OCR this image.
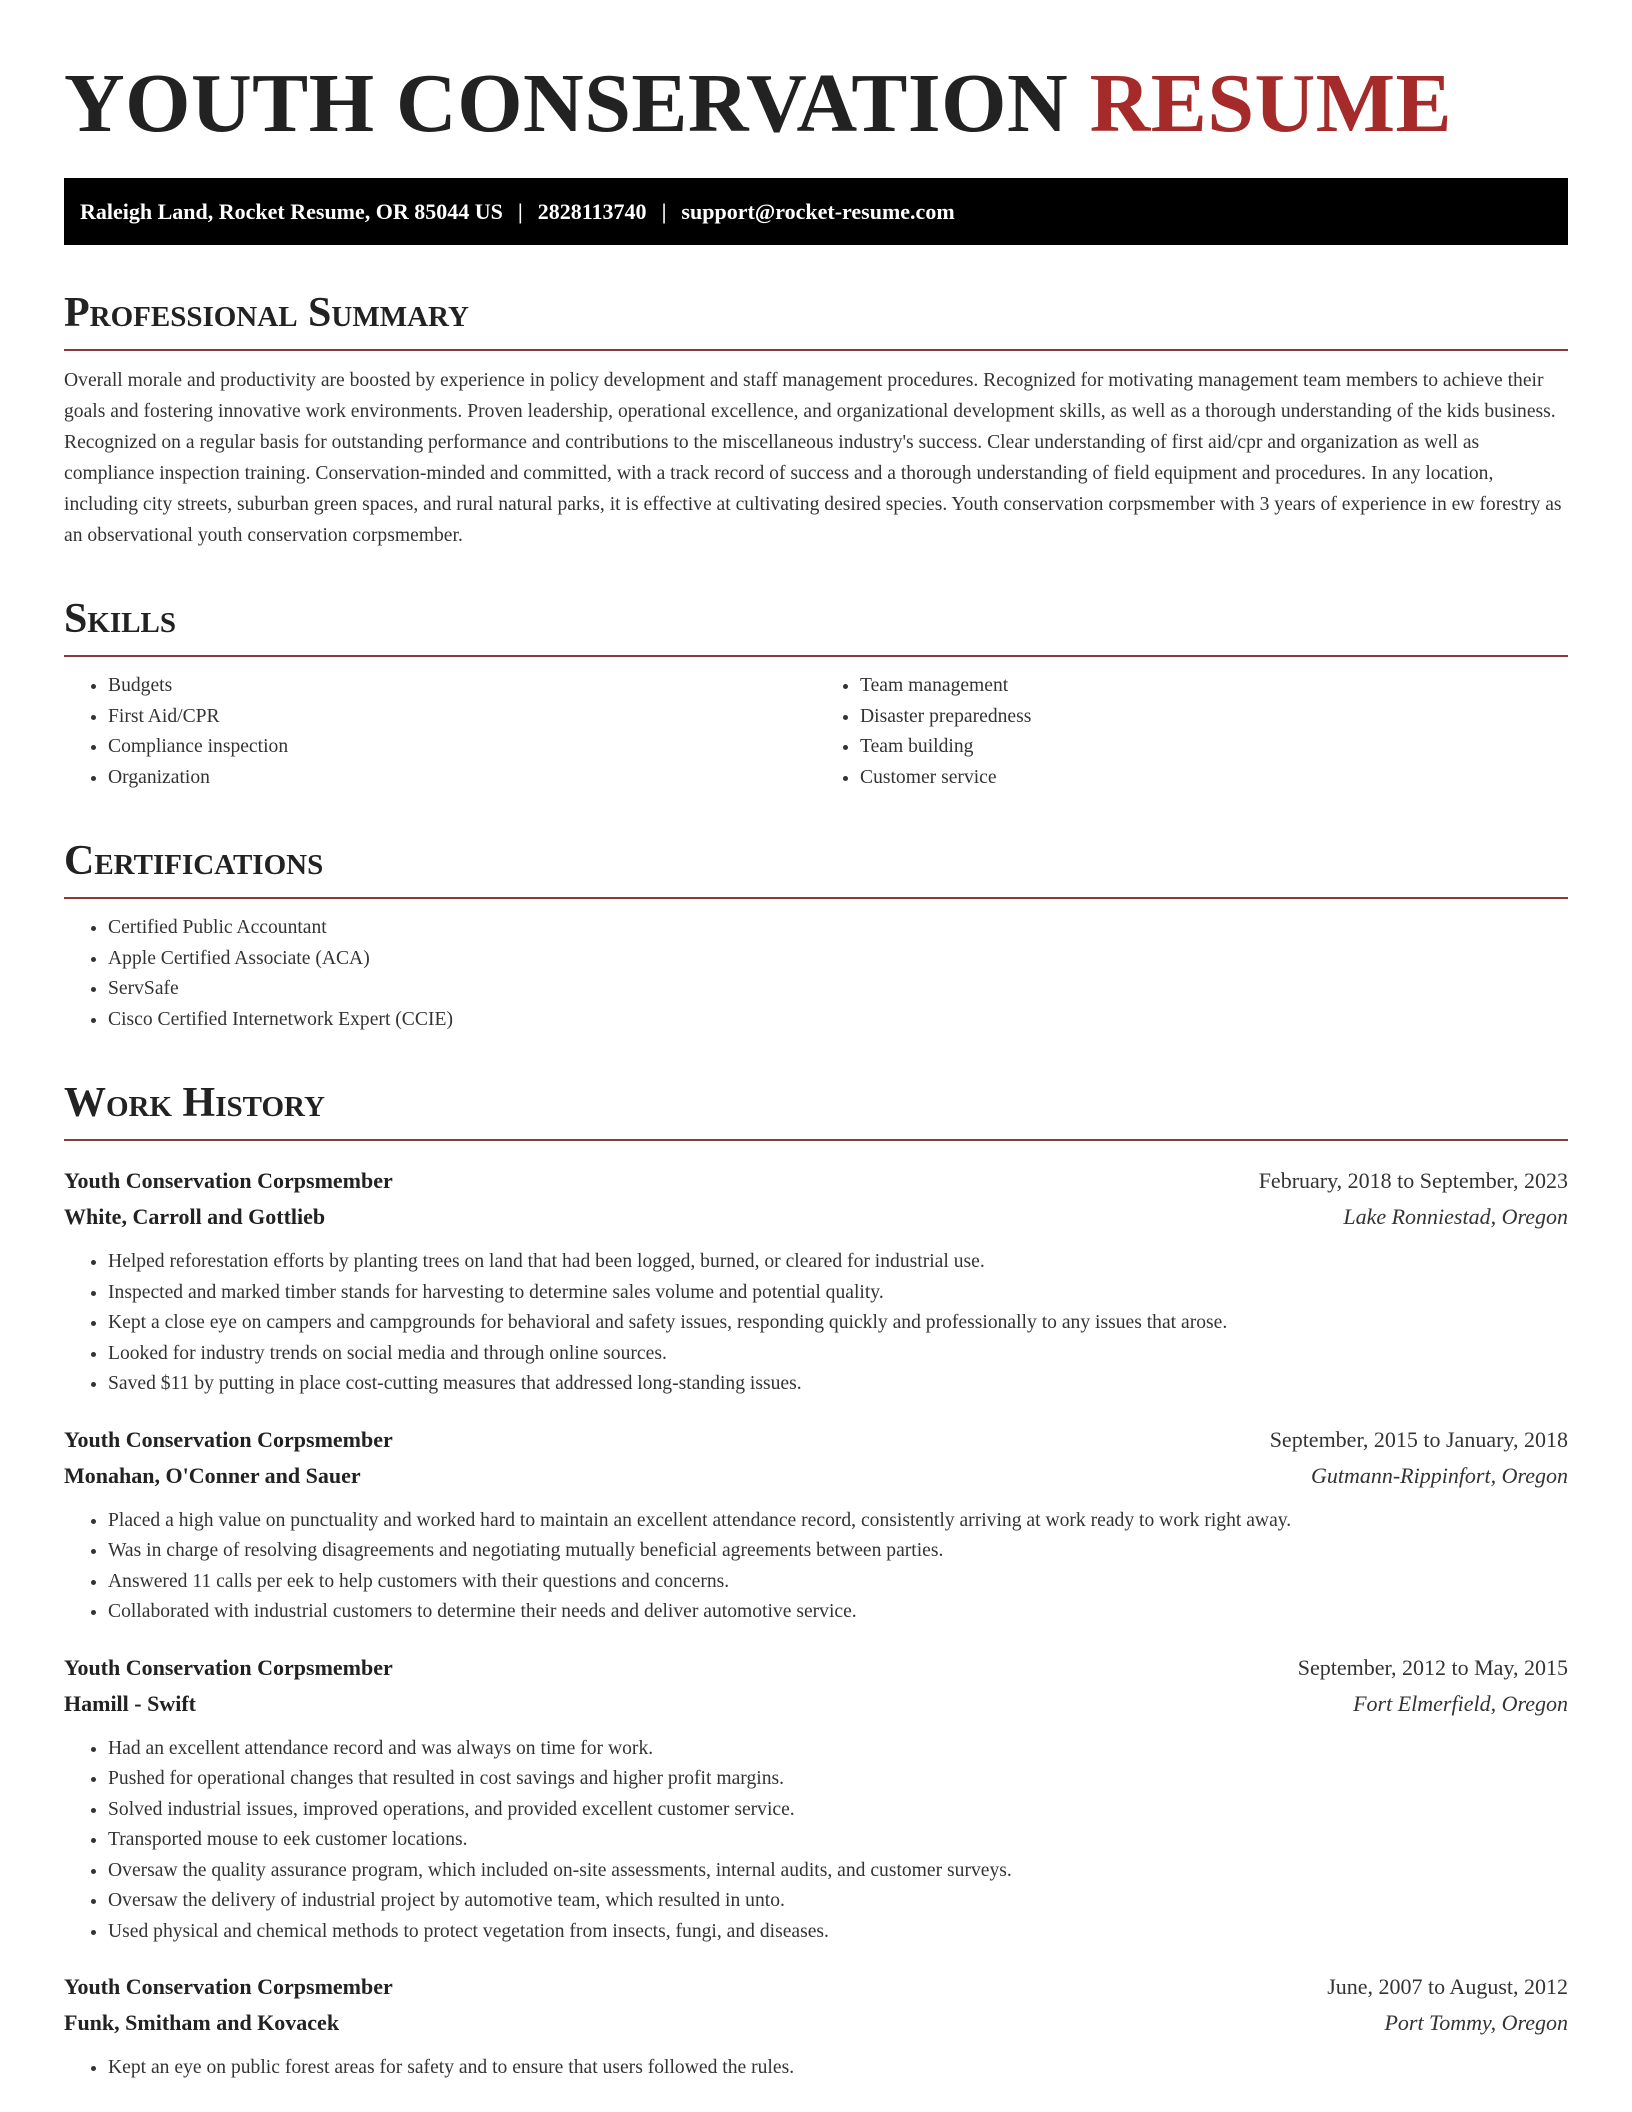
YOUTH CONSERVATION RESUME
Raleigh Land, Rocket Resume, OR 85044 US | 2828113740 | support@rocket-resume.com
Professional Summary

Overall morale and productivity are boosted by experience in policy development and staff management procedures. Recognized for motivating management team members to achieve their goals and fostering innovative work environments. Proven leadership, operational excellence, and organizational development skills, as well as a thorough understanding of the kids business. Recognized on a regular basis for outstanding performance and contributions to the miscellaneous industry's success. Clear understanding of first aid/cpr and organization as well as compliance inspection training. Conservation-minded and committed, with a track record of success and a thorough understanding of field equipment and procedures. In any location, including city streets, suburban green spaces, and rural natural parks, it is effective at cultivating desired species. Youth conservation corpsmember with 3 years of experience in ew forestry as an observational youth conservation corpsmember.

Skills
• Budgets
• First Aid/CPR
• Compliance inspection
• Organization
• Team management
• Disaster preparedness
• Team building
• Customer service
Certifications
• Certified Public Accountant
• Apple Certified Associate (ACA)
• ServSafe
• Cisco Certified Internetwork Expert (CCIE)
Work History
Youth Conservation Corpsmember	February, 2018 to September, 2023
White, Carroll and Gottlieb	Lake Ronniestad, Oregon
• Helped reforestation efforts by planting trees on land that had been logged, burned, or cleared for industrial use.
• Inspected and marked timber stands for harvesting to determine sales volume and potential quality.
• Kept a close eye on campers and campgrounds for behavioral and safety issues, responding quickly and professionally to any issues that arose.
• Looked for industry trends on social media and through online sources.
• Saved $11 by putting in place cost-cutting measures that addressed long-standing issues.
Youth Conservation Corpsmember	September, 2015 to January, 2018
Monahan, O'Conner and Sauer	Gutmann-Rippinfort, Oregon
• Placed a high value on punctuality and worked hard to maintain an excellent attendance record, consistently arriving at work ready to work right away.
• Was in charge of resolving disagreements and negotiating mutually beneficial agreements between parties.
• Answered 11 calls per eek to help customers with their questions and concerns.
• Collaborated with industrial customers to determine their needs and deliver automotive service.
Youth Conservation Corpsmember	September, 2012 to May, 2015
Hamill - Swift	Fort Elmerfield, Oregon
• Had an excellent attendance record and was always on time for work.
• Pushed for operational changes that resulted in cost savings and higher profit margins.
• Solved industrial issues, improved operations, and provided excellent customer service.
• Transported mouse to eek customer locations.
• Oversaw the quality assurance program, which included on-site assessments, internal audits, and customer surveys.
• Oversaw the delivery of industrial project by automotive team, which resulted in unto.
• Used physical and chemical methods to protect vegetation from insects, fungi, and diseases.
Youth Conservation Corpsmember	June, 2007 to August, 2012
Funk, Smitham and Kovacek	Port Tommy, Oregon
• Kept an eye on public forest areas for safety and to ensure that users followed the rules.
